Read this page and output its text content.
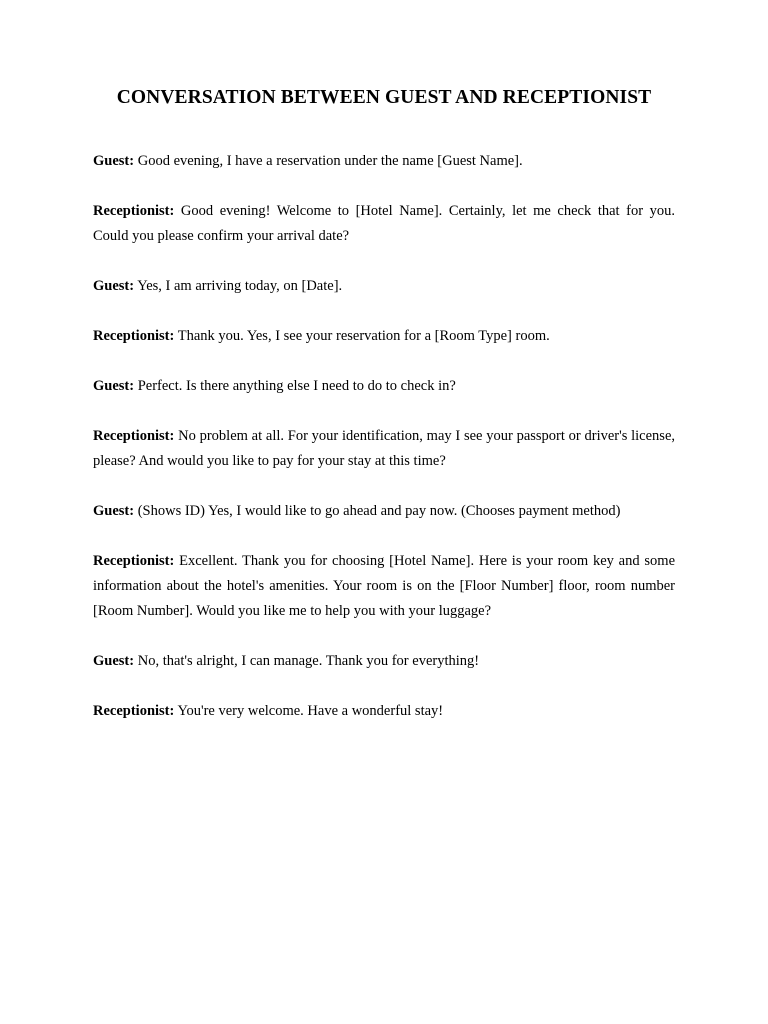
CONVERSATION BETWEEN GUEST AND RECEPTIONIST

Guest: Good evening, I have a reservation under the name [Guest Name].

Receptionist: Good evening! Welcome to [Hotel Name]. Certainly, let me check that for you. Could you please confirm your arrival date?

Guest: Yes, I am arriving today, on [Date].

Receptionist: Thank you. Yes, I see your reservation for a [Room Type] room.

Guest: Perfect. Is there anything else I need to do to check in?

Receptionist: No problem at all. For your identification, may I see your passport or driver's license, please? And would you like to pay for your stay at this time?

Guest: (Shows ID) Yes, I would like to go ahead and pay now. (Chooses payment method)

Receptionist: Excellent. Thank you for choosing [Hotel Name]. Here is your room key and some information about the hotel's amenities. Your room is on the [Floor Number] floor, room number [Room Number]. Would you like me to help you with your luggage?

Guest: No, that's alright, I can manage. Thank you for everything!

Receptionist: You're very welcome. Have a wonderful stay!
